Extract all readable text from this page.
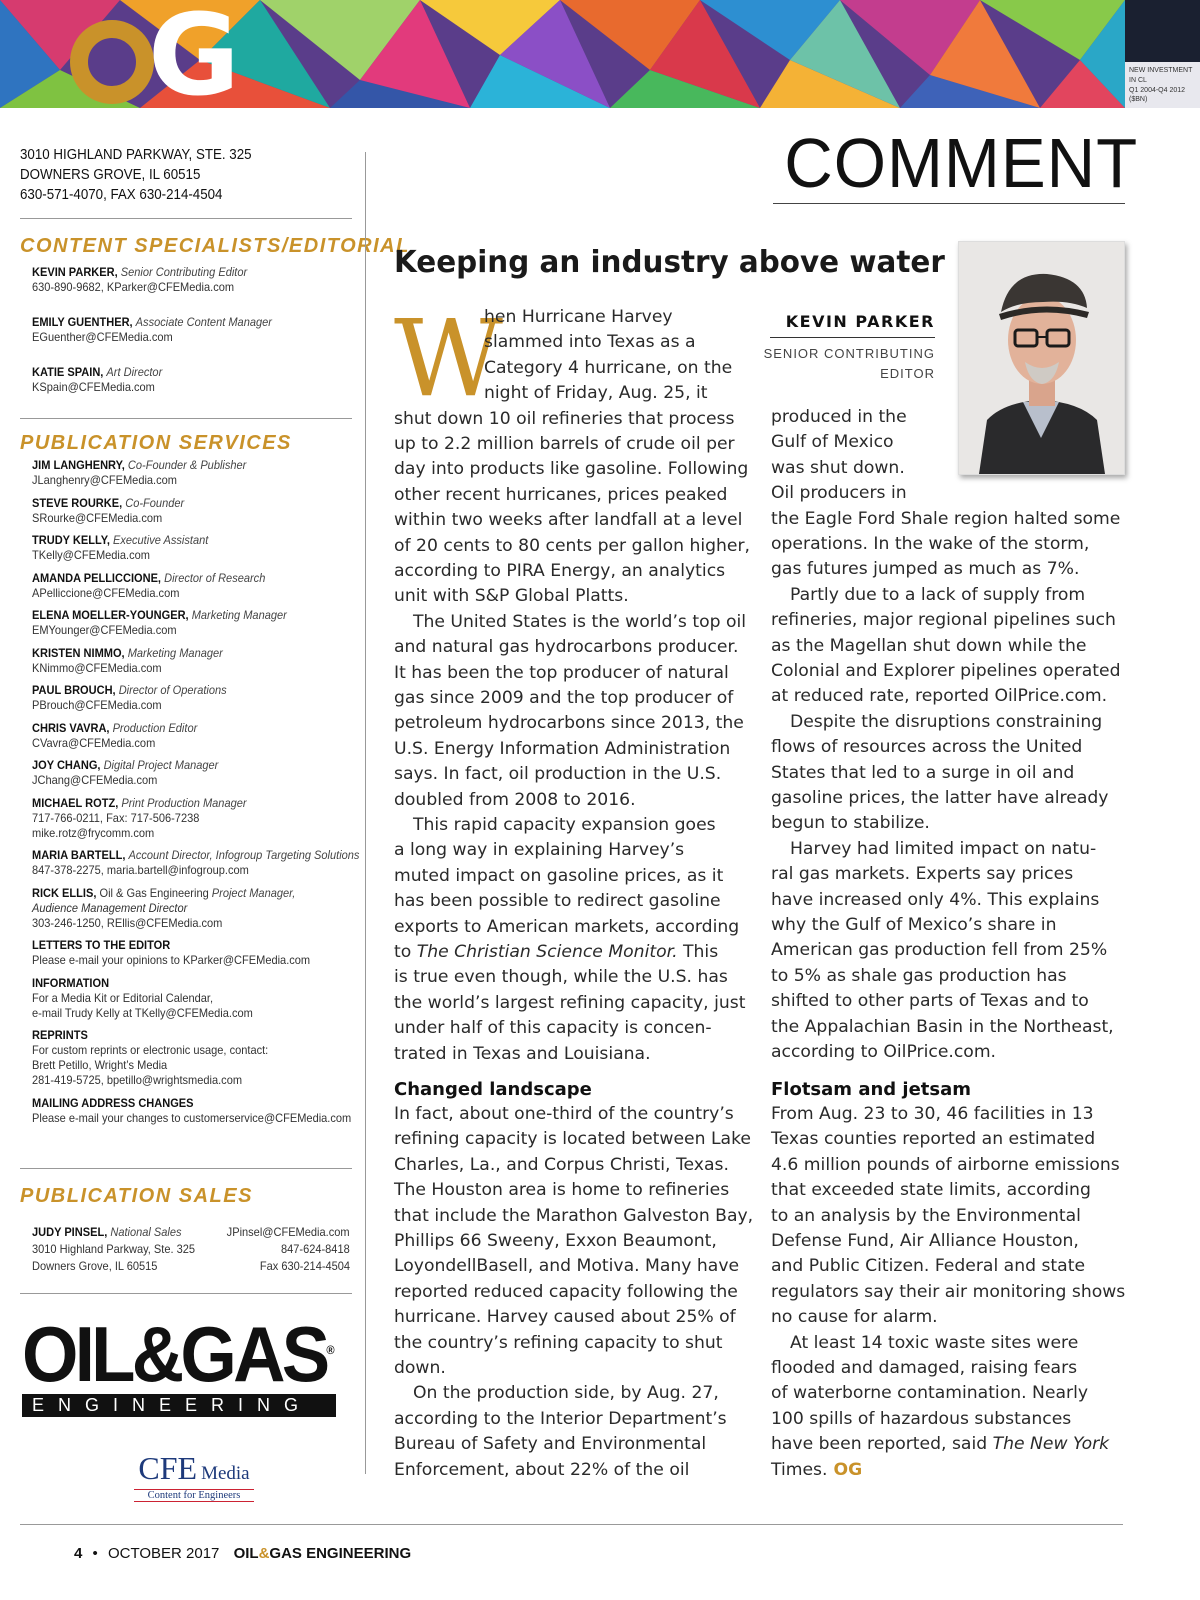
G	NEW INVESTMENT IN CL
Q1 2004-Q4 2012 ($BN)
3010 HIGHLAND PARKWAY, STE. 325
DOWNERS GROVE, IL 60515
630-571-4070, FAX 630-214-4504
CONTENT SPECIALISTS/EDITORIAL
KEVIN PARKER, Senior Contributing Editor
630-890-9682, KParker@CFEMedia.com
EMILY GUENTHER, Associate Content Manager
EGuenther@CFEMedia.com
KATIE SPAIN, Art Director
KSpain@CFEMedia.com
PUBLICATION SERVICES
JIM LANGHENRY, Co-Founder & Publisher
JLanghenry@CFEMedia.com
STEVE ROURKE, Co-Founder
SRourke@CFEMedia.com
TRUDY KELLY, Executive Assistant
TKelly@CFEMedia.com
AMANDA PELLICCIONE, Director of Research
APelliccione@CFEMedia.com
ELENA MOELLER-YOUNGER, Marketing Manager
EMYounger@CFEMedia.com
KRISTEN NIMMO, Marketing Manager
KNimmo@CFEMedia.com
PAUL BROUCH, Director of Operations
PBrouch@CFEMedia.com
CHRIS VAVRA, Production Editor
CVavra@CFEMedia.com
JOY CHANG, Digital Project Manager
JChang@CFEMedia.com
MICHAEL ROTZ, Print Production Manager
717-766-0211, Fax: 717-506-7238
mike.rotz@frycomm.com
MARIA BARTELL, Account Director, Infogroup Targeting Solutions
847-378-2275, maria.bartell@infogroup.com
RICK ELLIS, Oil & Gas Engineering Project Manager,
Audience Management Director
303-246-1250, REllis@CFEMedia.com
LETTERS TO THE EDITOR
Please e-mail your opinions to KParker@CFEMedia.com
INFORMATION
For a Media Kit or Editorial Calendar,
e-mail Trudy Kelly at TKelly@CFEMedia.com
REPRINTS
For custom reprints or electronic usage, contact:
Brett Petillo, Wright’s Media
281-419-5725, bpetillo@wrightsmedia.com
MAILING ADDRESS CHANGES
Please e-mail your changes to customerservice@CFEMedia.com
PUBLICATION SALES
JUDY PINSEL, National Sales
3010 Highland Parkway, Ste. 325
Downers Grove, IL 60515
JPinsel@CFEMedia.com
847-624-8418
Fax 630-214-4504
OIL&GAS®
ENGINEERING
CFE Media
Content for Engineers
COMMENT
Keeping an industry above water
KEVIN PARKER
SENIOR CONTRIBUTING
EDITOR
W
hen Hurricane Harvey
slammed into Texas as a
Category 4 hurricane, on the
night of Friday, Aug. 25, it
shut down 10 oil refineries that process
up to 2.2 million barrels of crude oil per
day into products like gasoline. Following
other recent hurricanes, prices peaked
within two weeks after landfall at a level
of 20 cents to 80 cents per gallon higher,
according to PIRA Energy, an analytics
unit with S&P Global Platts.
The United States is the world’s top oil
and natural gas hydrocarbons producer.
It has been the top producer of natural
gas since 2009 and the top producer of
petroleum hydrocarbons since 2013, the
U.S. Energy Information Administration
says. In fact, oil production in the U.S.
doubled from 2008 to 2016.
This rapid capacity expansion goes
a long way in explaining Harvey’s
muted impact on gasoline prices, as it
has been possible to redirect gasoline
exports to American markets, according
to The Christian Science Monitor. This
is true even though, while the U.S. has
the world’s largest refining capacity, just
under half of this capacity is concen-
trated in Texas and Louisiana.
Changed landscape
In fact, about one-third of the country’s
refining capacity is located between Lake
Charles, La., and Corpus Christi, Texas.
The Houston area is home to refineries
that include the Marathon Galveston Bay,
Phillips 66 Sweeny, Exxon Beaumont,
LoyondellBasell, and Motiva. Many have
reported reduced capacity following the
hurricane. Harvey caused about 25% of
the country’s refining capacity to shut
down.
On the production side, by Aug. 27,
according to the Interior Department’s
Bureau of Safety and Environmental
Enforcement, about 22% of the oil
produced in the
Gulf of Mexico
was shut down.
Oil producers in
the Eagle Ford Shale region halted some
operations. In the wake of the storm,
gas futures jumped as much as 7%.
Partly due to a lack of supply from
refineries, major regional pipelines such
as the Magellan shut down while the
Colonial and Explorer pipelines operated
at reduced rate, reported OilPrice.com.
Despite the disruptions constraining
flows of resources across the United
States that led to a surge in oil and
gasoline prices, the latter have already
begun to stabilize.
Harvey had limited impact on natu-
ral gas markets. Experts say prices
have increased only 4%. This explains
why the Gulf of Mexico’s share in
American gas production fell from 25%
to 5% as shale gas production has
shifted to other parts of Texas and to
the Appalachian Basin in the Northeast,
according to OilPrice.com.
Flotsam and jetsam
From Aug. 23 to 30, 46 facilities in 13
Texas counties reported an estimated
4.6 million pounds of airborne emissions
that exceeded state limits, according
to an analysis by the Environmental
Defense Fund, Air Alliance Houston,
and Public Citizen. Federal and state
regulators say their air monitoring shows
no cause for alarm.
At least 14 toxic waste sites were
flooded and damaged, raising fears
of waterborne contamination. Nearly
100 spills of hazardous substances
have been reported, said The New York
Times. OG
4 • OCTOBER 2017 OIL&GAS ENGINEERING
